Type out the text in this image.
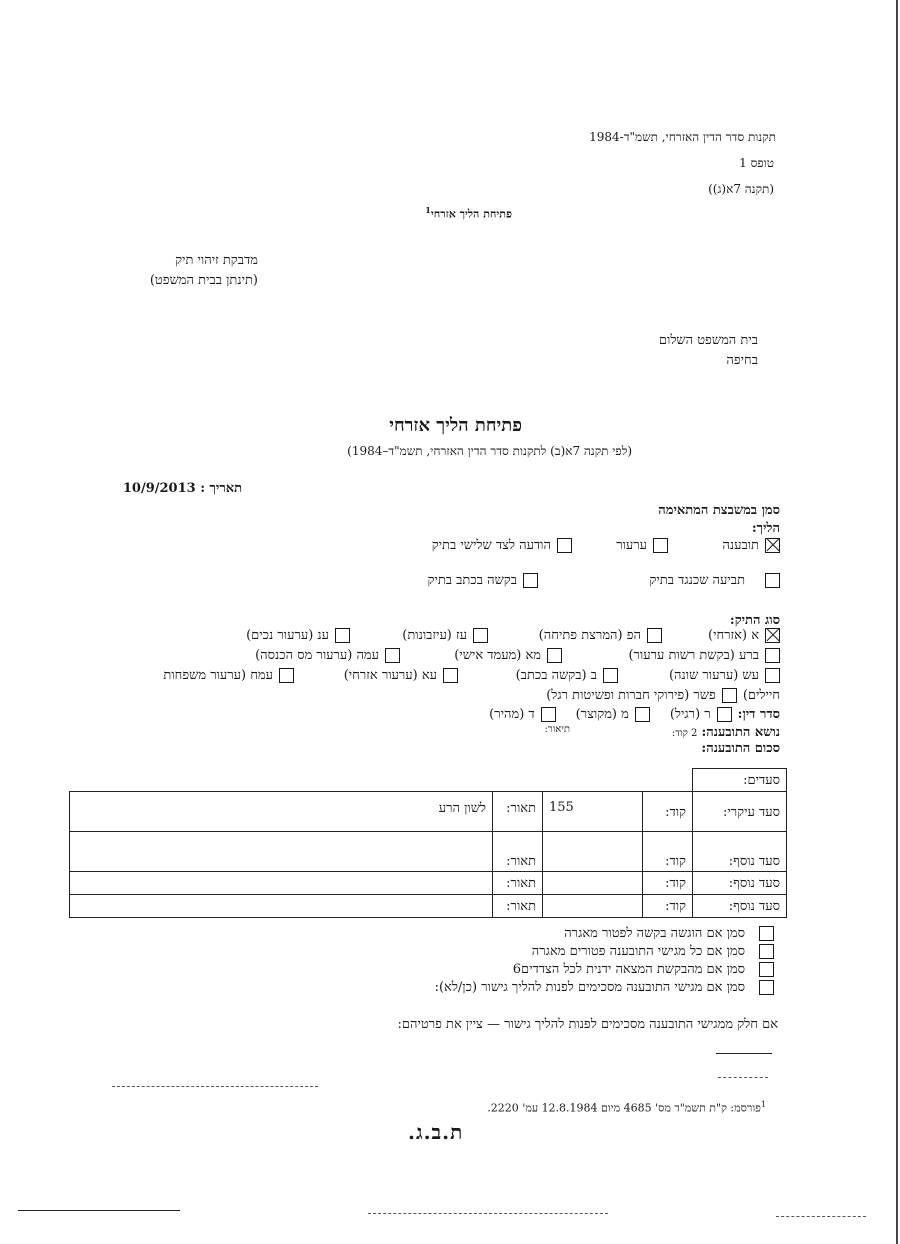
תקנות סדר הדין האזרחי, תשמ"ד-1984
טופס 1
(תקנה 7א(ג))
פתיחת הליך אזרחי$^1$
מדבקת זיהוי תיק
(תינתן בבית המשפט)
בית המשפט השלום
בחיפה
פתיחת הליך אזרחי
(לפי תקנה 7א(ב) לתקנות סדר הדין האזרחי, תשמ"ד–1984)
תאריך : 10/9/2013
סמן במשבצת המתאימה
הליך:
תובענה
ערעור
הודעה לצד שלישי בתיק
תביעה שכנגד בתיק
בקשה בכתב בתיק
סוג התיק:
א (אזרחי)
הפ (המרצת פתיחה)
עז (עיזבונות)
ענ (ערעור נכים)
ברע (בקשת רשות ערעור)
מא (מעמד אישי)
עמה (ערעור מס הכנסה)
עש (ערעור שונה)
ב (בקשה בכתב)
עא (ערעור אזרחי)
עמח (ערעור משפחות
חיילים)
פשר (פירוקי חברות ופשיטות רגל)
סדר דין:
ר (רגיל)
מ (מקוצר)
ד (מהיר)
נושא התובענה: 2 קוד:
תיאור:
סכום התובענה:
סעדים:				
סעד עיקרי:	קוד:	155	תאור:	לשון הרע
סעד נוסף:	קוד:		תאור:	
סעד נוסף:	קוד:		תאור:	
סעד נוסף:	קוד:		תאור:	
סמן אם הוגשה בקשה לפטור מאגרה
סמן אם כל מגישי התובענה פטורים מאגרה
סמן אם מהבקשת המצאה ידנית לכל הצדדים6
סמן אם מגישי התובענה מסכימים לפנות להליך גישור (כן/לא):
אם חלק ממגישי התובענה מסכימים לפנות להליך גישור — ציין את פרטיהם:
$^1$פורסמ: ק"ת תשמ"ד מס' 4685 מיום 12.8.1984 עמ' 2220.
ת.ב.ג.
